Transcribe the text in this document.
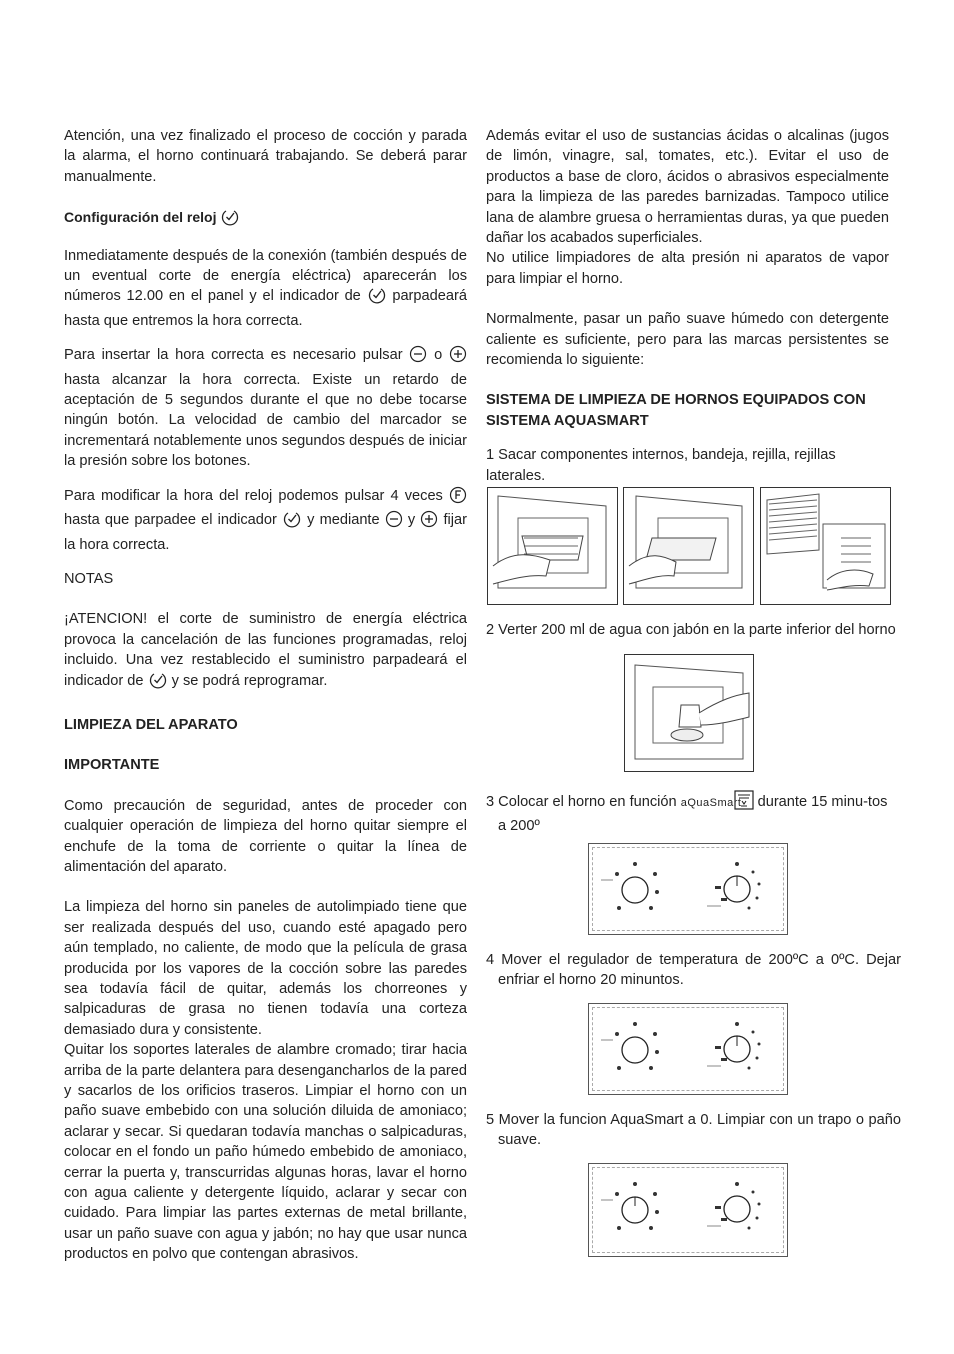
Atención, una vez finalizado el proceso de cocción y parada la alarma, el horno continuará trabajando. Se deberá parar manualmente.

Configuración del reloj

Inmediatamente después de la conexión (también después de un eventual corte de energía eléctrica) aparecerán los números 12.00 en el panel y el indicador de parpadeará hasta que entremos la hora correcta.

Para insertar la hora correcta es necesario pulsar o  hasta alcanzar la hora correcta. Existe un retardo de aceptación de 5 segundos durante el que no debe tocarse ningún botón. La velocidad de cambio del marcador se incrementará notablemente unos segundos después de iniciar la presión sobre los botones.

Para modificar la hora del reloj podemos pulsar 4 veces  hasta que parpadee el indicador y mediante y fijar la hora correcta.

NOTAS

¡ATENCION! el corte de suministro de energía eléctrica provoca la cancelación de las funciones programadas, reloj incluido. Una vez restablecido el suministro parpadeará el indicador de y se podrá reprogramar.

LIMPIEZA DEL APARATO

IMPORTANTE

Como precaución de seguridad, antes de proceder con cualquier operación de limpieza del horno quitar siempre el enchufe de la toma de corriente o quitar la línea de alimentación del aparato.

La limpieza del horno sin paneles de autolimpiado tiene que ser realizada después del uso, cuando esté apagado pero aún templado, no caliente, de modo que la película de grasa producida por los vapores de la cocción sobre las paredes sea todavía fácil de quitar, además los chorreones y salpicaduras de grasa no tienen todavía una corteza demasiado dura y consistente.

Quitar los soportes laterales de alambre cromado; tirar hacia arriba de la parte delantera para desengancharlos de la pared y sacarlos de los orificios traseros. Limpiar el horno con un paño suave embebido con una solución diluida de amoniaco; aclarar y secar. Si quedaran todavía manchas o salpicaduras, colocar en el fondo un paño húmedo embebido de amoniaco, cerrar la puerta y, transcurridas algunas horas, lavar el horno con agua caliente y detergente líquido, aclarar y secar con cuidado. Para limpiar las partes externas de metal brillante, usar un paño suave con agua y jabón; no hay que usar nunca productos en polvo que contengan abrasivos.

Además evitar el uso de sustancias ácidas o alcalinas (jugos de limón, vinagre, sal, tomates, etc.). Evitar el uso de productos a base de cloro, ácidos o abrasivos especialmente para la limpieza de las paredes barnizadas. Tampoco utilice lana de alambre gruesa o herramientas duras, ya que pueden dañar los acabados superficiales.

No utilice limpiadores de alta presión ni aparatos de vapor para limpiar el horno.

Normalmente, pasar un paño suave húmedo con detergente caliente es suficiente, pero para las marcas persistentes se recomienda lo siguiente:

SISTEMA DE LIMPIEZA DE HORNOS EQUIPADOS CON SISTEMA AQUASMART

1 Sacar componentes internos, bandeja, rejilla, rejillas laterales.

2 Verter 200 ml de agua con jabón en la parte inferior del horno

3 Colocar el horno en función aQuaSmart durante 15 minu-tos a 200º

4 Mover el regulador de temperatura de 200ºC a 0ºC. Dejar enfriar el horno 20 minuntos.

5 Mover la funcion AquaSmart a 0. Limpiar con un trapo o paño suave.
